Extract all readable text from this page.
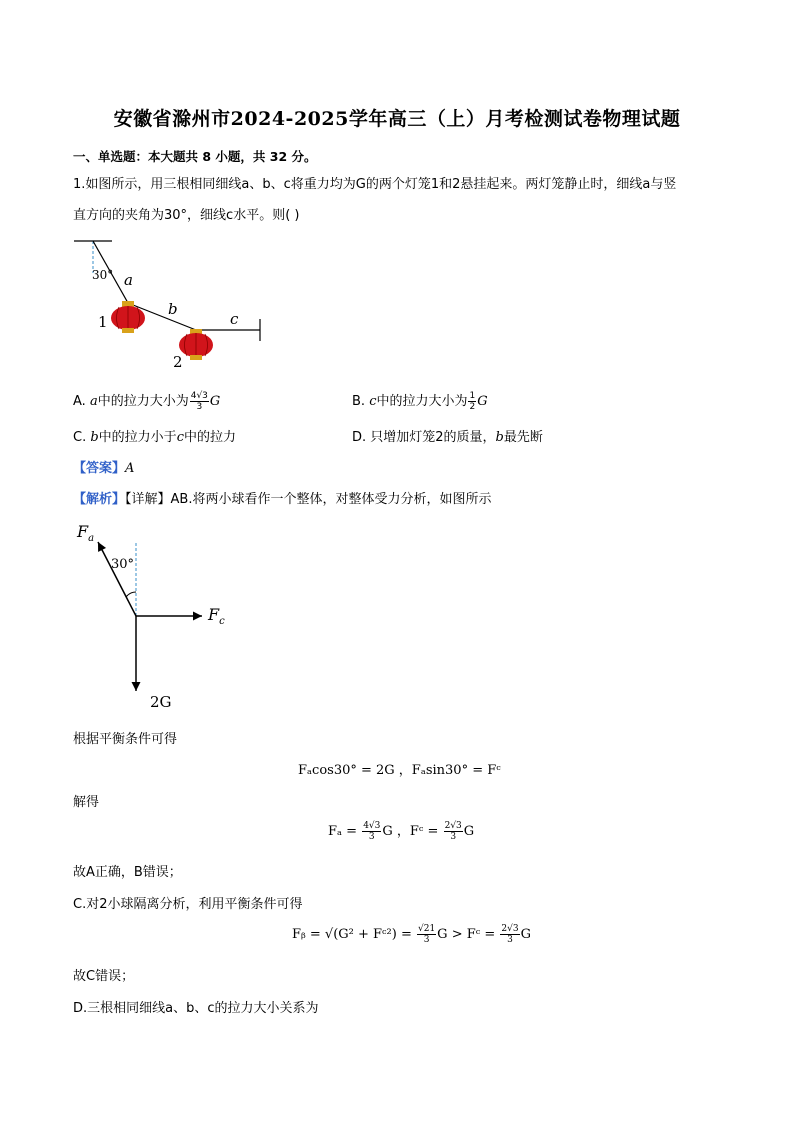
安徽省滁州市2024-2025学年高三（上）月考检测试卷物理试题
一、单选题：本大题共 8 小题，共 32 分。
1.如图所示，用三根相同细线a、b、c将重力均为G的两个灯笼1和2悬挂起来。两灯笼静止时，细线a与竖
直方向的夹角为30°，细线c水平。则( )
30° a
b
c
1
2
A. a中的拉力大小为 $\frac{4√3}{3}$ G	B. c中的拉力大小为 $\frac{1}{2}$ G
C. b中的拉力小于c中的拉力	D. 只增加灯笼2的质量，b最先断
【答案】A
【解析】【详解】AB.将两小球看作一个整体，对整体受力分析，如图所示
$F_a$
30°
$F_c$
2G
根据平衡条件可得
Fₐcos30° = 2G ，Fₐsin30° = Fᶜ
解得
$F_a = \frac{4√3}{3}$ G ，Fᶜ = $\frac{2√3}{3}$ G
故A正确，B错误；
C.对2小球隔离分析，利用平衡条件可得
Fᵦ = √(G² + Fᶜ²) = $\frac{√21}{3}$ G > Fᶜ = $\frac{2√3}{3}$ G
故C错误；
D.三根相同细线a、b、c的拉力大小关系为
